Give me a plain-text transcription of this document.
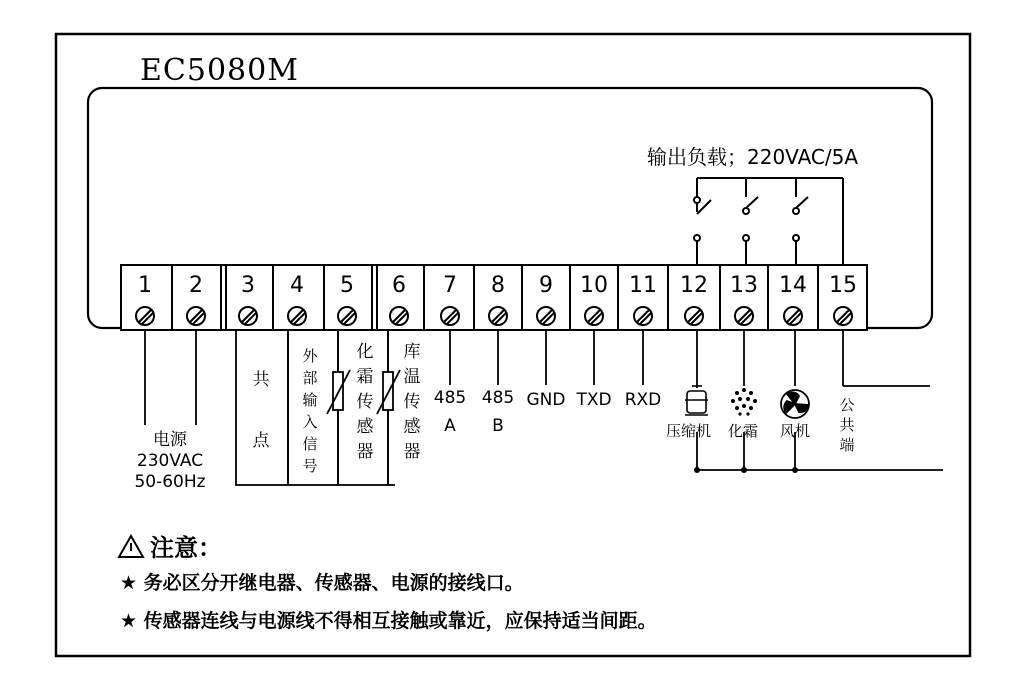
EC5080M
输出负载；220VAC/5A
1	2	3	4	5	6	7	8	9	10 11 12 13 14 15
电源
230VAC
50-60Hz
共
点
外
部
输
入
信
号
化
霜
传
感
器
库
温
传
感
器
485
A
485
B
GND TXD RXD
压缩机 化霜 风机
公
共
端
注意：
★ 务必区分开继电器、传感器、电源的接线口。
★ 传感器连线与电源线不得相互接触或靠近，应保持适当间距。
